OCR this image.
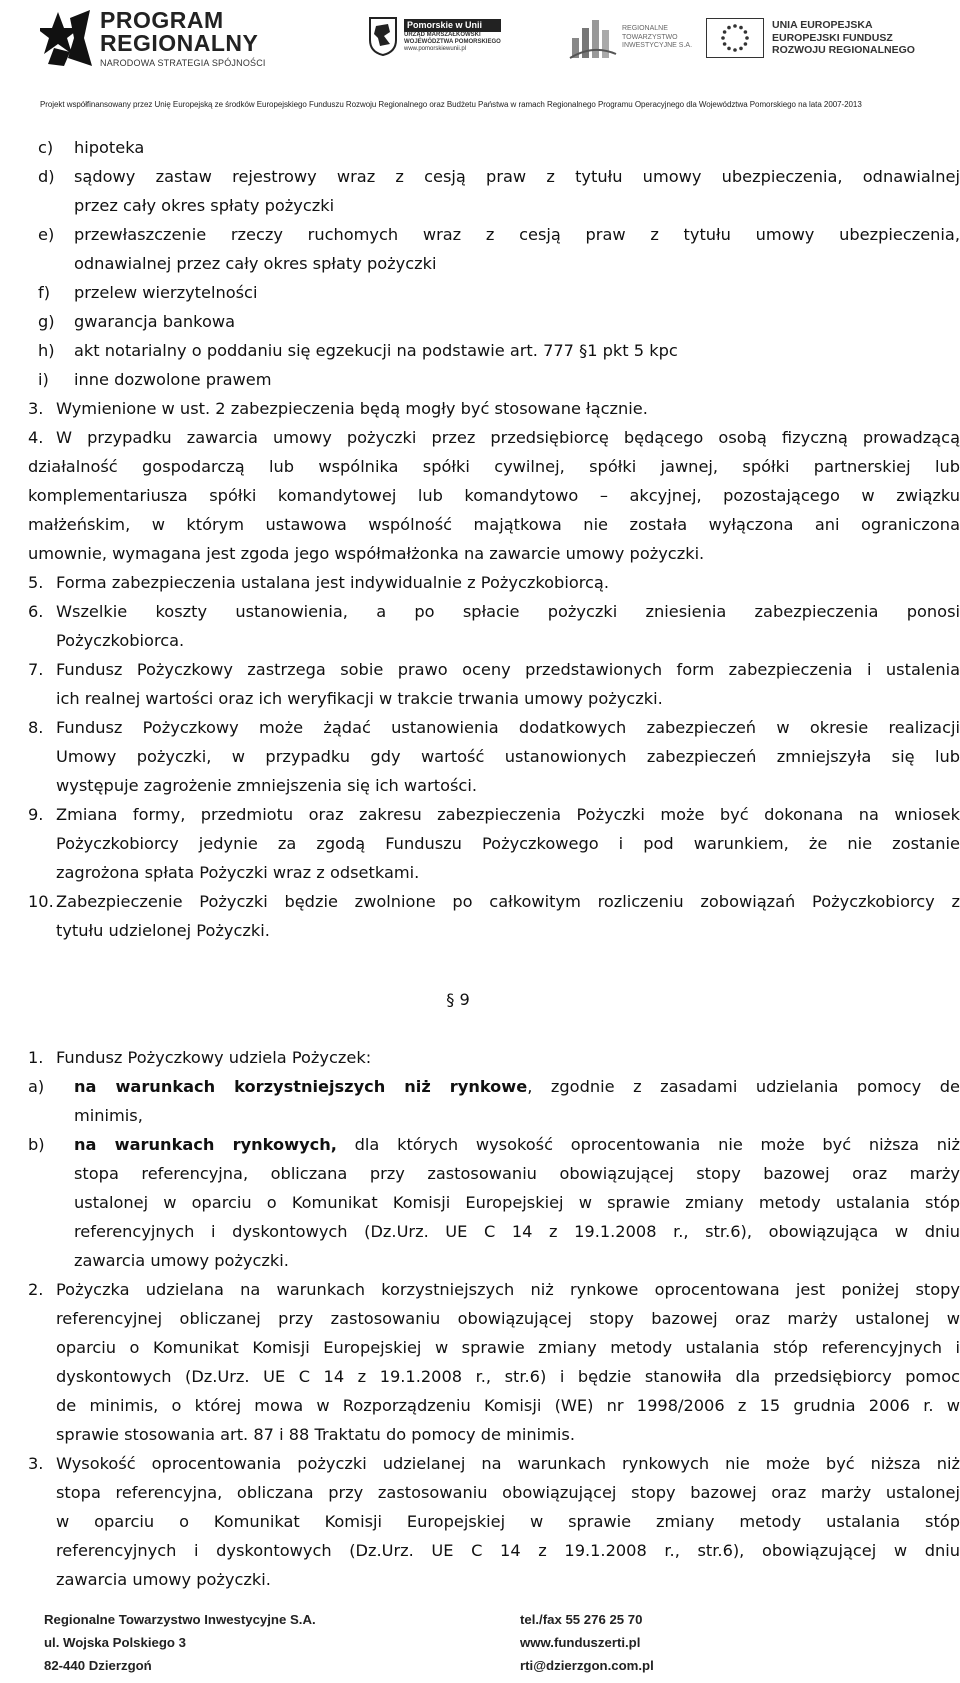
PROGRAM
REGIONALNY
NARODOWA STRATEGIA SPÓJNOŚCI
Pomorskie w Unii
URZĄD MARSZAŁKOWSKI
WOJEWÓDZTWA POMORSKIEGO
www.pomorskiewunii.pl
REGIONALNE
TOWARZYSTWO
INWESTYCYJNE S.A.
UNIA EUROPEJSKA
EUROPEJSKI FUNDUSZ
ROZWOJU REGIONALNEGO
Projekt współfinansowany przez Unię Europejską ze środków Europejskiego Funduszu Rozwoju Regionalnego oraz Budżetu Państwa w ramach Regionalnego Programu Operacyjnego dla Województwa Pomorskiego na lata 2007-2013
c) hipoteka
d) sądowy zastaw rejestrowy wraz z cesją praw z tytułu umowy ubezpieczenia, odnawialnej
przez cały okres spłaty pożyczki
e) przewłaszczenie rzeczy ruchomych wraz z cesją praw z tytułu umowy ubezpieczenia,
odnawialnej przez cały okres spłaty pożyczki
f) przelew wierzytelności
g) gwarancja bankowa
h) akt notarialny o poddaniu się egzekucji na podstawie art. 777 §1 pkt 5 kpc
i) inne dozwolone prawem
3. Wymienione w ust. 2 zabezpieczenia będą mogły być stosowane łącznie.
4. W przypadku zawarcia umowy pożyczki przez przedsiębiorcę będącego osobą fizyczną prowadzącą
działalność gospodarczą lub wspólnika spółki cywilnej, spółki jawnej, spółki partnerskiej lub
komplementariusza spółki komandytowej lub komandytowo – akcyjnej, pozostającego w związku
małżeńskim, w którym ustawowa wspólność majątkowa nie została wyłączona ani ograniczona
umownie, wymagana jest zgoda jego współmałżonka na zawarcie umowy pożyczki.
5. Forma zabezpieczenia ustalana jest indywidualnie z Pożyczkobiorcą.
6. Wszelkie koszty ustanowienia, a po spłacie pożyczki zniesienia zabezpieczenia ponosi
Pożyczkobiorca.
7. Fundusz Pożyczkowy zastrzega sobie prawo oceny przedstawionych form zabezpieczenia i ustalenia
ich realnej wartości oraz ich weryfikacji w trakcie trwania umowy pożyczki.
8. Fundusz Pożyczkowy może żądać ustanowienia dodatkowych zabezpieczeń w okresie realizacji
Umowy pożyczki, w przypadku gdy wartość ustanowionych zabezpieczeń zmniejszyła się lub
występuje zagrożenie zmniejszenia się ich wartości.
9. Zmiana formy, przedmiotu oraz zakresu zabezpieczenia Pożyczki może być dokonana na wniosek
Pożyczkobiorcy jedynie za zgodą Funduszu Pożyczkowego i pod warunkiem, że nie zostanie
zagrożona spłata Pożyczki wraz z odsetkami.
10. Zabezpieczenie Pożyczki będzie zwolnione po całkowitym rozliczeniu zobowiązań Pożyczkobiorcy z
tytułu udzielonej Pożyczki.
§ 9
1. Fundusz Pożyczkowy udziela Pożyczek:
a) na warunkach korzystniejszych niż rynkowe, zgodnie z zasadami udzielania pomocy de
minimis,
b) na warunkach rynkowych, dla których wysokość oprocentowania nie może być niższa niż
stopa referencyjna, obliczana przy zastosowaniu obowiązującej stopy bazowej oraz marży
ustalonej w oparciu o Komunikat Komisji Europejskiej w sprawie zmiany metody ustalania stóp
referencyjnych i dyskontowych (Dz.Urz. UE C 14 z 19.1.2008 r., str.6), obowiązująca w dniu
zawarcia umowy pożyczki.
2. Pożyczka udzielana na warunkach korzystniejszych niż rynkowe oprocentowana jest poniżej stopy
referencyjnej obliczanej przy zastosowaniu obowiązującej stopy bazowej oraz marży ustalonej w
oparciu o Komunikat Komisji Europejskiej w sprawie zmiany metody ustalania stóp referencyjnych i
dyskontowych (Dz.Urz. UE C 14 z 19.1.2008 r., str.6) i będzie stanowiła dla przedsiębiorcy pomoc
de minimis, o której mowa w Rozporządzeniu Komisji (WE) nr 1998/2006 z 15 grudnia 2006 r. w
sprawie stosowania art. 87 i 88 Traktatu do pomocy de minimis.
3. Wysokość oprocentowania pożyczki udzielanej na warunkach rynkowych nie może być niższa niż
stopa referencyjna, obliczana przy zastosowaniu obowiązującej stopy bazowej oraz marży ustalonej
w oparciu o Komunikat Komisji Europejskiej w sprawie zmiany metody ustalania stóp
referencyjnych i dyskontowych (Dz.Urz. UE C 14 z 19.1.2008 r., str.6), obowiązującej w dniu
zawarcia umowy pożyczki.
Regionalne Towarzystwo Inwestycyjne S.A.
ul. Wojska Polskiego 3
82-440 Dzierzgoń
tel./fax 55 276 25 70
www.funduszerti.pl
rti@dzierzgon.com.pl
